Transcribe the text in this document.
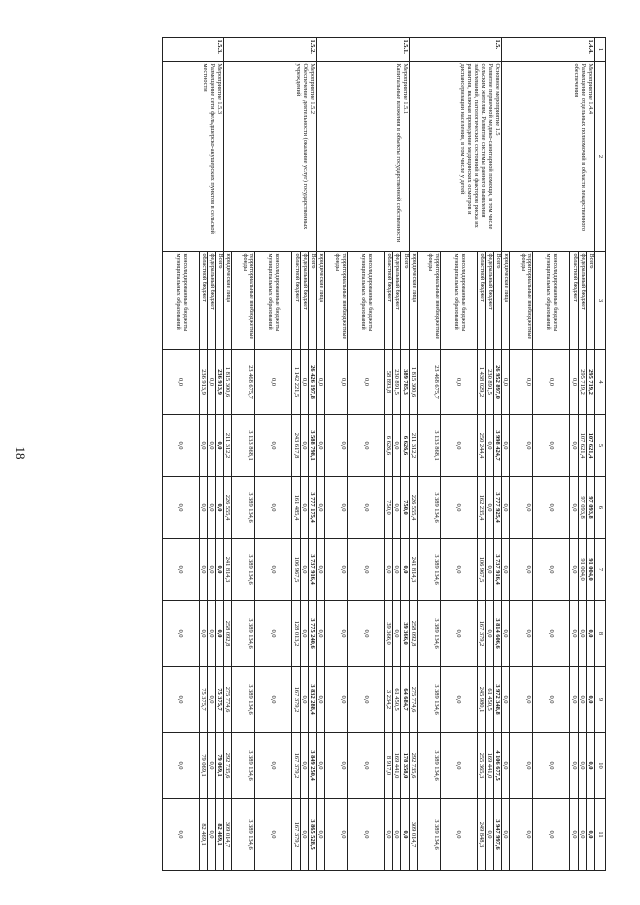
18
1	2	3	4	5	6	7	8	9	10	11
1.4.4.	Мероприятие 1.4.4
Размещение отдельных полномочий в области лекарственного обеспечения	Всего	295 719,2	107 621,4	97 093,8	91 004,0	0,0	0,0	0,0	0,0
		федеральный бюджет	295 719,2	107 621,4	97 093,8	91 004,0	0,0	0,0	0,0	0,0
		областной бюджет	0,0	0,0	0,0	0,0	0,0	0,0	0,0	0,0
		консолидированные бюджеты муниципальных образований	0,0	0,0	0,0	0,0	0,0	0,0	0,0	0,0
		территориальные внебюджетные фонды	0,0	0,0	0,0	0,0	0,0	0,0	0,0	0,0
		юридические лица	0,0	0,0	0,0	0,0	0,0	0,0	0,0	0,0
1.5.	Основное мероприятие 1.5
Развитие первичной медико-санитарной помощи, в том числе сельским жителям. Развитие системы раннего выявления заболеваний, патологических состояний и факторов риска их развития, включая проведение медицинских осмотров и диспансеризации населения, в том числе у детей	Всего	26 952 897,0	3 998 424,7	3 777 925,4	3 737 916,4	3 814 606,6	3 972 348,8	4 106 677,5	3 947 997,6
		федеральный бюджет	230 891,5	0,0	0,0	0,0	0,0	61 450,5	169 441,0	0,0
		областной бюджет	1 438 029,2	250 244,4	162 235,4	106 967,5	167 379,2	245 980,1	255 365,3	249 848,3
		консолидированные бюджеты муниципальных образований	0,0	0,0	0,0	0,0	0,0	0,0	0,0	0,0
		территориальные внебюджетные фонды	23 468 675,7	3 133 868,1	3 389 134,6	3 389 134,6	3 389 134,6	3 389 134,6	3 389 134,6	3 389 134,6
		юридические лица	1 815 300,6	211 312,2	226 555,4	241 814,3	258 092,8	275 774,6	292 735,6	309 014,7
1.5.1.	Мероприятие 1.5.1
Капитальные вложения в объекты государственной собственности	Всего	389 785,3	6 626,6	750,0	0,0	39 366,0	64 684,7	178 358,0	0,0
		федеральный бюджет	230 891,5	0,0	0,0	0,0	0,0	61 450,5	169 441,0	0,0
		областной бюджет	58 893,8	6 626,6	750,0	0,0	39 366,0	3 234,2	8 917,0	0,0
		консолидированные бюджеты муниципальных образований	0,0	0,0	0,0	0,0	0,0	0,0	0,0	0,0
		территориальные внебюджетные фонды	0,0	0,0	0,0	0,0	0,0	0,0	0,0	0,0
		юридические лица	0,0	0,0	0,0	0,0	0,0	0,0	0,0	0,0
1.5.2.	Мероприятие 1.5.2
Обеспечение деятельности (оказание услуг) государственных учреждений	Всего	26 426 197,8	3 588 798,1	3 777 175,4	3 737 916,4	3 775 240,6	3 832 288,4	3 849 250,4	3 865 528,5
		федеральный бюджет	0,0	0,0	0,0	0,0	0,0	0,0	0,0	0,0
		областной бюджет	1 142 221,5	243 617,8	161 485,4	106 967,5	128 013,2	167 379,2	167 379,2	167 379,2
		консолидированные бюджеты муниципальных образований	0,0	0,0	0,0	0,0	0,0	0,0	0,0	0,0
		территориальные внебюджетные фонды	23 468 675,7	3 133 868,1	3 389 134,6	3 389 134,6	3 389 134,6	3 389 134,6	3 389 134,6	3 389 134,6
		юридические лица	1 815 300,6	211 312,2	226 555,4	241 814,3	258 092,8	275 774,6	292 735,6	309 014,7
1.5.3.	Мероприятие 1.5.3
Размещение сети фельдшерско-акушерских пунктов в сельской местности	Всего	236 913,9	0,0	0,0	0,0	0,0	75 375,7	79 069,1	82 469,1
		федеральный бюджет	0,0	0,0	0,0	0,0	0,0	0,0	0,0	0,0
		областной бюджет	236 913,9	0,0	0,0	0,0	0,0	75 375,7	79 069,1	82 469,1
		консолидированные бюджеты муниципальных образований	0,0	0,0	0,0	0,0	0,0	0,0	0,0	0,0
